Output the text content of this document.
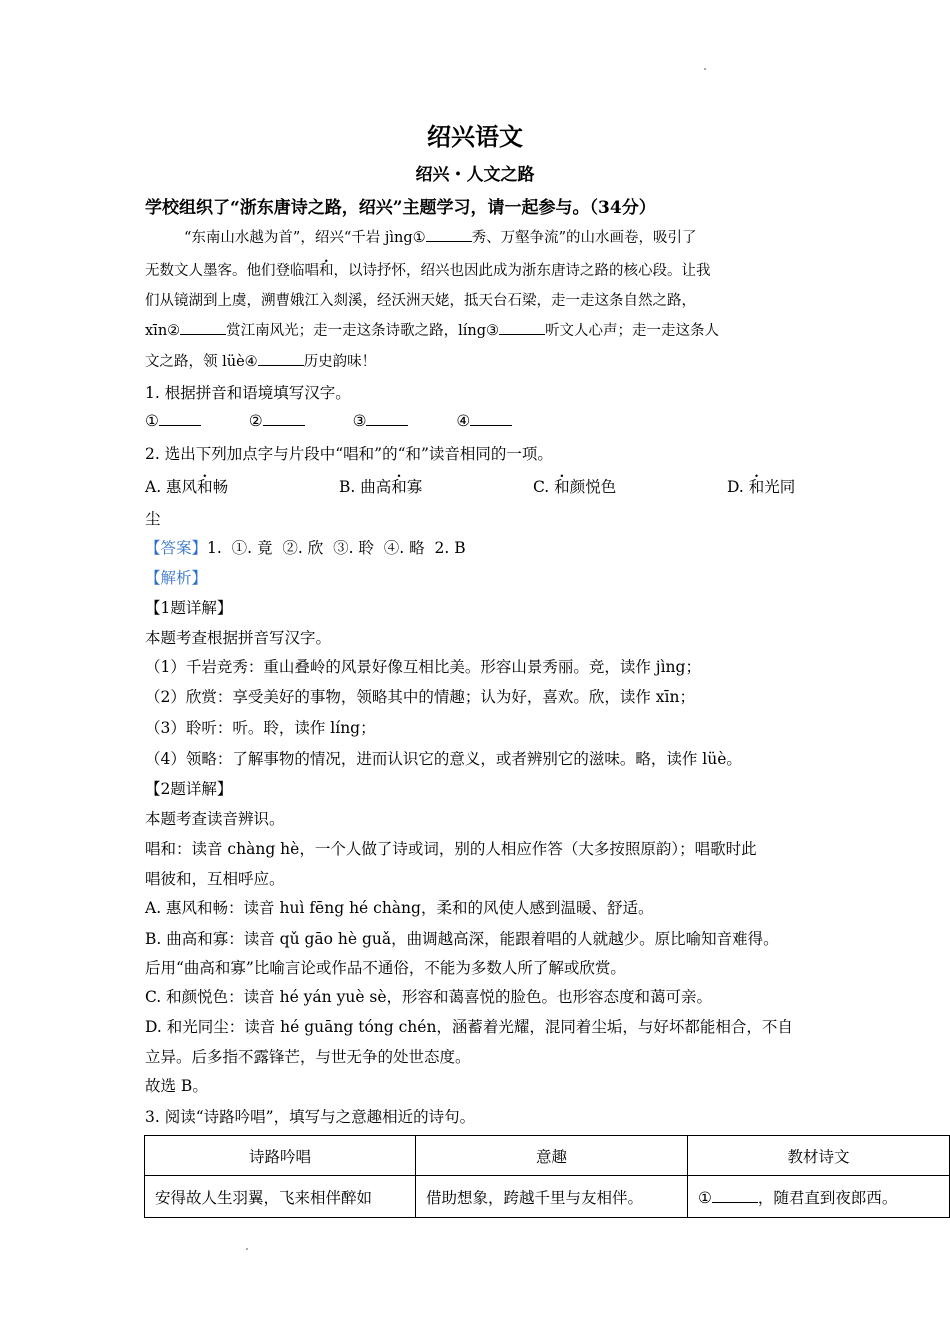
绍兴语文
绍兴・人文之路
学校组织了“浙东唐诗之路，绍兴”主题学习，请一起参与。（34分）
“东南山水越为首”，绍兴“千岩 jìng①	秀、万壑争流”的山水画卷，吸引了
无数文人墨客。他们登临唱和，以诗抒怀，绍兴也因此成为浙东唐诗之路的核心段。让我
们从镜湖到上虞，溯曹娥江入剡溪，经沃洲天姥，抵天台石梁，走一走这条自然之路，
xīn②	赏江南风光；走一走这条诗歌之路，líng③	听文人心声；走一走这条人
文之路，领 lüè④	历史韵味！
1. 根据拼音和语境填写汉字。
①	②	③	④
2. 选出下列加点字与片段中“唱和”的“和”读音相同的一项。
A. 惠风和畅	B. 曲高和寡	C. 和颜悦色	D. 和光同
尘
【答案】1.  ①. 竟  ②. 欣  ③. 聆  ④. 略  2. B
【解析】
【1题详解】
本题考查根据拼音写汉字。
（1）千岩竞秀：重山叠岭的风景好像互相比美。形容山景秀丽。竞，读作 jìng；
（2）欣赏：享受美好的事物，领略其中的情趣；认为好，喜欢。欣，读作 xīn；
（3）聆听：听。聆，读作 líng；
（4）领略：了解事物的情况，进而认识它的意义，或者辨别它的滋味。略，读作 lüè。
【2题详解】
本题考查读音辨识。
唱和：读音 chàng hè，一个人做了诗或词，别的人相应作答（大多按照原韵）；唱歌时此
唱彼和，互相呼应。
A. 惠风和畅：读音 huì fēng hé chàng，柔和的风使人感到温暖、舒适。
B. 曲高和寡：读音 qǔ gāo hè guǎ，曲调越高深，能跟着唱的人就越少。原比喻知音难得。
后用“曲高和寡”比喻言论或作品不通俗，不能为多数人所了解或欣赏。
C. 和颜悦色：读音 hé yán yuè sè，形容和蔼喜悦的脸色。也形容态度和蔼可亲。
D. 和光同尘：读音 hé guāng tóng chén，涵蓄着光耀，混同着尘垢，与好坏都能相合，不自
立异。后多指不露锋芒，与世无争的处世态度。
故选 B。
3. 阅读“诗路吟唱”，填写与之意趣相近的诗句。
诗路吟唱	意趣	教材诗文
安得故人生羽翼，飞来相伴醉如	借助想象，跨越千里与友相伴。	① ，随君直到夜郎西。
